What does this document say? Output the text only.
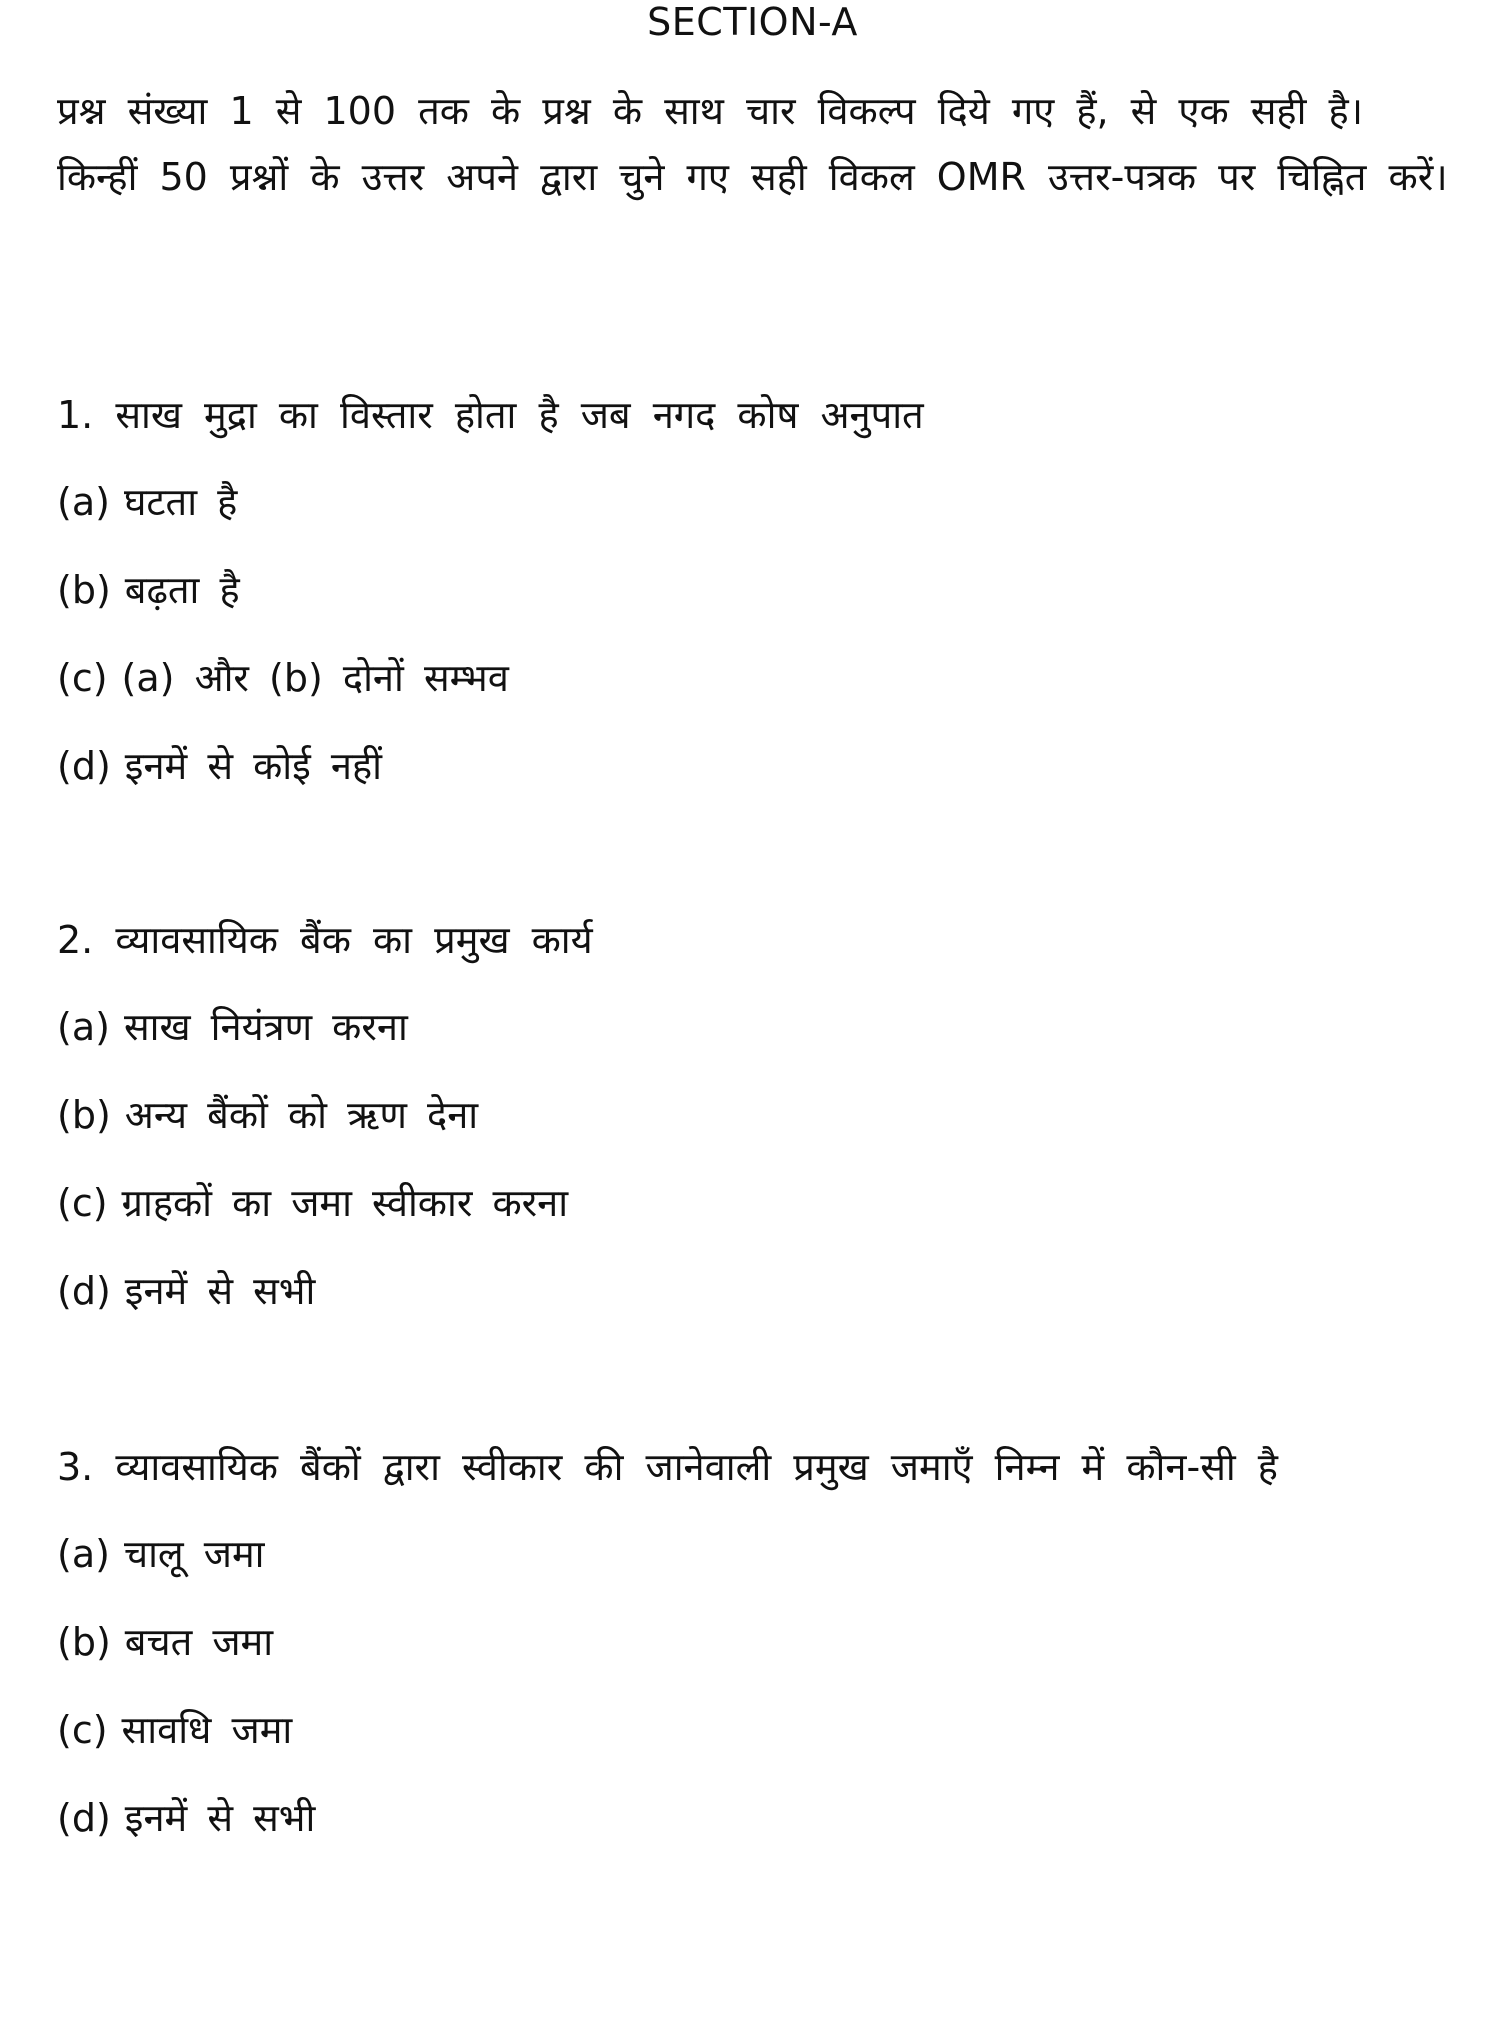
SECTION-A
प्रश्न संख्या 1 से 100 तक के प्रश्न के साथ चार विकल्प दिये गए हैं, से एक सही है। किन्हीं 50 प्रश्नों के उत्तर अपने द्वारा चुने गए सही विकल OMR उत्तर-पत्रक पर चिह्नित करें।
1. साख मुद्रा का विस्तार होता है जब नगद कोष अनुपात
(a) घटता है
(b) बढ़ता है
(c) (a) और (b) दोनों सम्भव
(d) इनमें से कोई नहीं
2. व्यावसायिक बैंक का प्रमुख कार्य
(a) साख नियंत्रण करना
(b) अन्य बैंकों को ऋण देना
(c) ग्राहकों का जमा स्वीकार करना
(d) इनमें से सभी
3. व्यावसायिक बैंकों द्वारा स्वीकार की जानेवाली प्रमुख जमाएँ निम्न में कौन-सी है
(a) चालू जमा
(b) बचत जमा
(c) सावधि जमा
(d) इनमें से सभी
